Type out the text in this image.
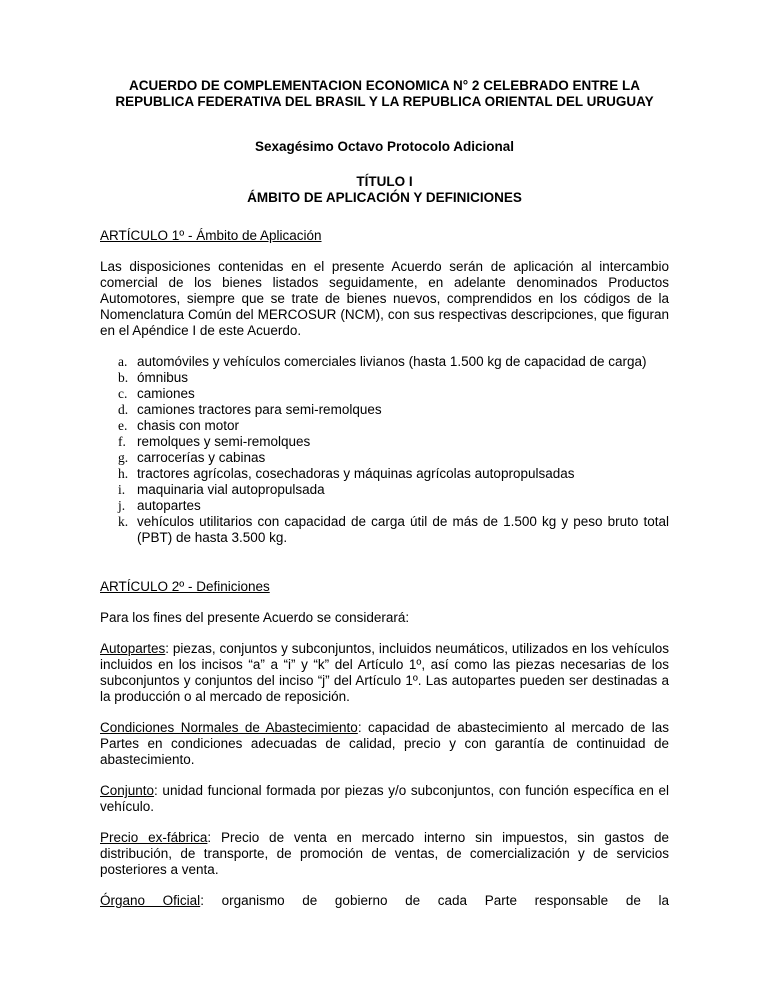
ACUERDO DE COMPLEMENTACION ECONOMICA N° 2 CELEBRADO ENTRE LA REPUBLICA FEDERATIVA DEL BRASIL Y LA REPUBLICA ORIENTAL DEL URUGUAY

Sexagésimo Octavo Protocolo Adicional

TÍTULO I

ÁMBITO DE APLICACIÓN Y DEFINICIONES

ARTÍCULO 1º - Ámbito de Aplicación

Las disposiciones contenidas en el presente Acuerdo serán de aplicación al intercambio comercial de los bienes listados seguidamente, en adelante denominados Productos Automotores, siempre que se trate de bienes nuevos, comprendidos en los códigos de la Nomenclatura Común del MERCOSUR (NCM), con sus respectivas descripciones, que figuran en el Apéndice I de este Acuerdo.

a. automóviles y vehículos comerciales livianos (hasta 1.500 kg de capacidad de carga)
b. ómnibus
c. camiones
d. camiones tractores para semi-remolques
e. chasis con motor
f. remolques y semi-remolques
g. carrocerías y cabinas
h. tractores agrícolas, cosechadoras y máquinas agrícolas autopropulsadas
i. maquinaria vial autopropulsada
j. autopartes
k. vehículos utilitarios con capacidad de carga útil de más de 1.500 kg y peso bruto total (PBT) de hasta 3.500 kg.

ARTÍCULO 2º - Definiciones

Para los fines del presente Acuerdo se considerará:

Autopartes: piezas, conjuntos y subconjuntos, incluidos neumáticos, utilizados en los vehículos incluidos en los incisos “a” a “i” y “k” del Artículo 1º, así como las piezas necesarias de los subconjuntos y conjuntos del inciso “j” del Artículo 1º. Las autopartes pueden ser destinadas a la producción o al mercado de reposición.

Condiciones Normales de Abastecimiento: capacidad de abastecimiento al mercado de las Partes en condiciones adecuadas de calidad, precio y con garantía de continuidad de abastecimiento.

Conjunto: unidad funcional formada por piezas y/o subconjuntos, con función específica en el vehículo.

Precio ex-fábrica: Precio de venta en mercado interno sin impuestos, sin gastos de distribución, de transporte, de promoción de ventas, de comercialización y de servicios posteriores a venta.

Órgano Oficial: organismo de gobierno de cada Parte responsable de la
